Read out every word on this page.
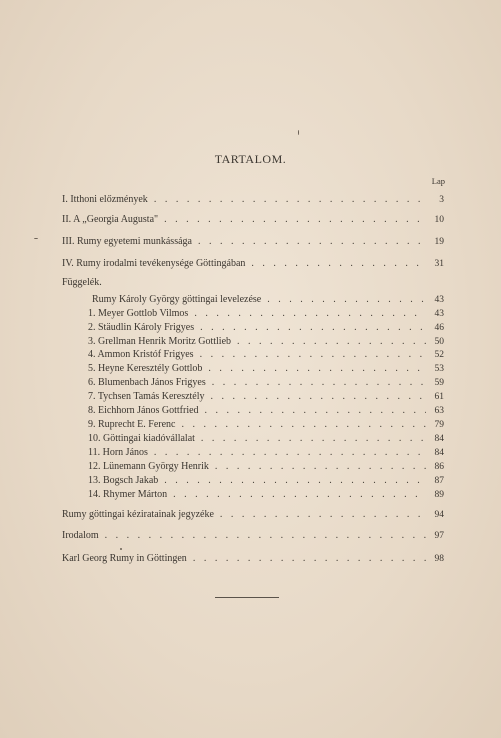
TARTALOM.
Lap
I. Itthoni előzmények . . .	3
II. A „Georgia Augusta" . . .	10
III. Rumy egyetemi munkássága . . .	19
IV. Rumy irodalmi tevékenysége Göttingában . . .	31
Függelék.
Rumy Károly György göttingai levelezése . . .	43
1. Meyer Gottlob Vilmos . . .	43
2. Stäudlin Károly Frigyes . . .	46
3. Grellman Henrik Moritz Gottlieb . . .	50
4. Ammon Kristóf Frigyes . . .	52
5. Heyne Keresztély Gottlob . . .	53
6. Blumenbach János Frigyes . . .	59
7. Tychsen Tamás Keresztély . . .	61
8. Eichhorn János Gottfried . . .	63
9. Ruprecht E. Ferenc . . .	79
10. Göttingai kiadóvállalat . . .	84
11. Horn János . . .	84
12. Lünemann György Henrik . . .	86
13. Bogsch Jakab . . .	87
14. Rhymer Márton . . .	89
Rumy göttingai kéziratainak jegyzéke . . .	94
Irodalom . . .	97
Karl Georg Rumy in Göttingen . . .	98
